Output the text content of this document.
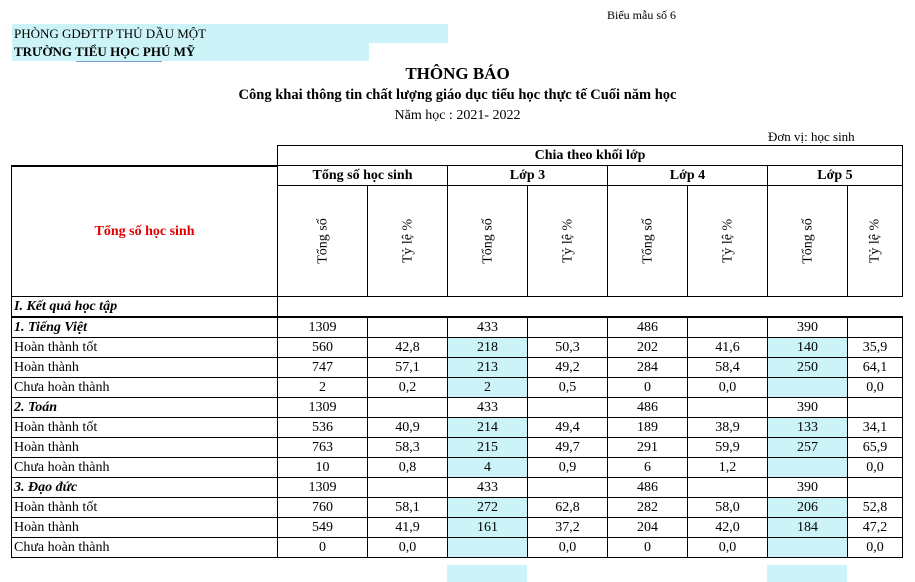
Biểu mẫu số 6
PHÒNG GDĐTTP THỦ DẦU MỘT
TRƯỜNG TIỂU HỌC PHÚ MỸ
THÔNG BÁO
Công khai thông tin chất lượng giáo dục tiểu học thực tế Cuối năm học
Năm học : 2021- 2022
Đơn vị: học sinh
	Chia theo khối lớp							
Tổng số học sinh	Tổng số học sinh		Lớp 3		Lớp 4		Lớp 5	

	Tổng số	Tỷ lệ %	Tổng số	Tỷ lệ %	Tổng số	Tỷ lệ %	Tổng số	Tỷ lệ %

I. Kết quả học tập								
1. Tiếng Việt	1309		433		486		390	
Hoàn thành tốt	560	42,8	218	50,3	202	41,6	140	35,9
Hoàn thành	747	57,1	213	49,2	284	58,4	250	64,1
Chưa hoàn thành	2	0,2	2	0,5	0	0,0		0,0
2. Toán	1309		433		486		390	
Hoàn thành tốt	536	40,9	214	49,4	189	38,9	133	34,1
Hoàn thành	763	58,3	215	49,7	291	59,9	257	65,9
Chưa hoàn thành	10	0,8	4	0,9	6	1,2		0,0
3. Đạo đức	1309		433		486		390	
Hoàn thành tốt	760	58,1	272	62,8	282	58,0	206	52,8
Hoàn thành	549	41,9	161	37,2	204	42,0	184	47,2
Chưa hoàn thành	0	0,0		0,0	0	0,0		0,0
